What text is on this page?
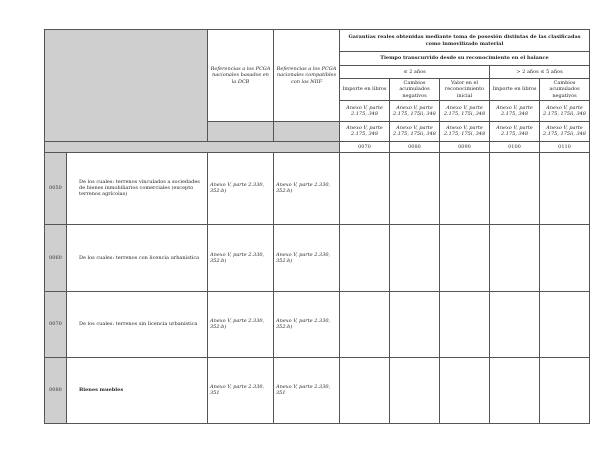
		Referencias a los PCGA nacionales basados en la DCB	Referencias a los PCGA nacionales compatibles con las NIIF	Garantías reales obtenidas mediante toma de posesión distintas de las clasificadas como inmovilizado material				
				Tiempo transcurrido desde su reconocimiento en el balance				
				≤ 2 años			> 2 años ≤ 5 años	
				Importe en libros	Cambios acumulados negativos	Valor en el reconocimiento inicial	Importe en libros	Cambios acumulados negativos
				Anexo V, parte 2.175, 348	Anexo V, parte 2.175, 175ii, 348	Anexo V, parte 2.175, 175i, 348	Anexo V, parte 2.175, 348	Anexo V, parte 2.175, 175ii, 348
				Anexo V, parte 2.175, 348	Anexo V, parte 2.175, 175ii, 348	Anexo V, parte 2.175, 175i, 348	Anexo V, parte 2.175, 348	Anexo V, parte 2.175, 175ii, 348
				0070	0080	0090	0100	0110
0050	De los cuales: terrenos vinculados a sociedades de bienes inmobiliarios comerciales (excepto terrenos agrícolas)	Anexo V, parte 2.330, 352.b)	Anexo V, parte 2.330, 352.b)					
0060	De los cuales: terrenos con licencia urbanística	Anexo V, parte 2.330, 352.b)	Anexo V, parte 2.330, 352.b)					
0070	De los cuales: terrenos sin licencia urbanística	Anexo V, parte 2.330, 352.b)	Anexo V, parte 2.330, 352.b)					
0080	Bienes muebles	Anexo V, parte 2.330, 351	Anexo V, parte 2.330, 351					
